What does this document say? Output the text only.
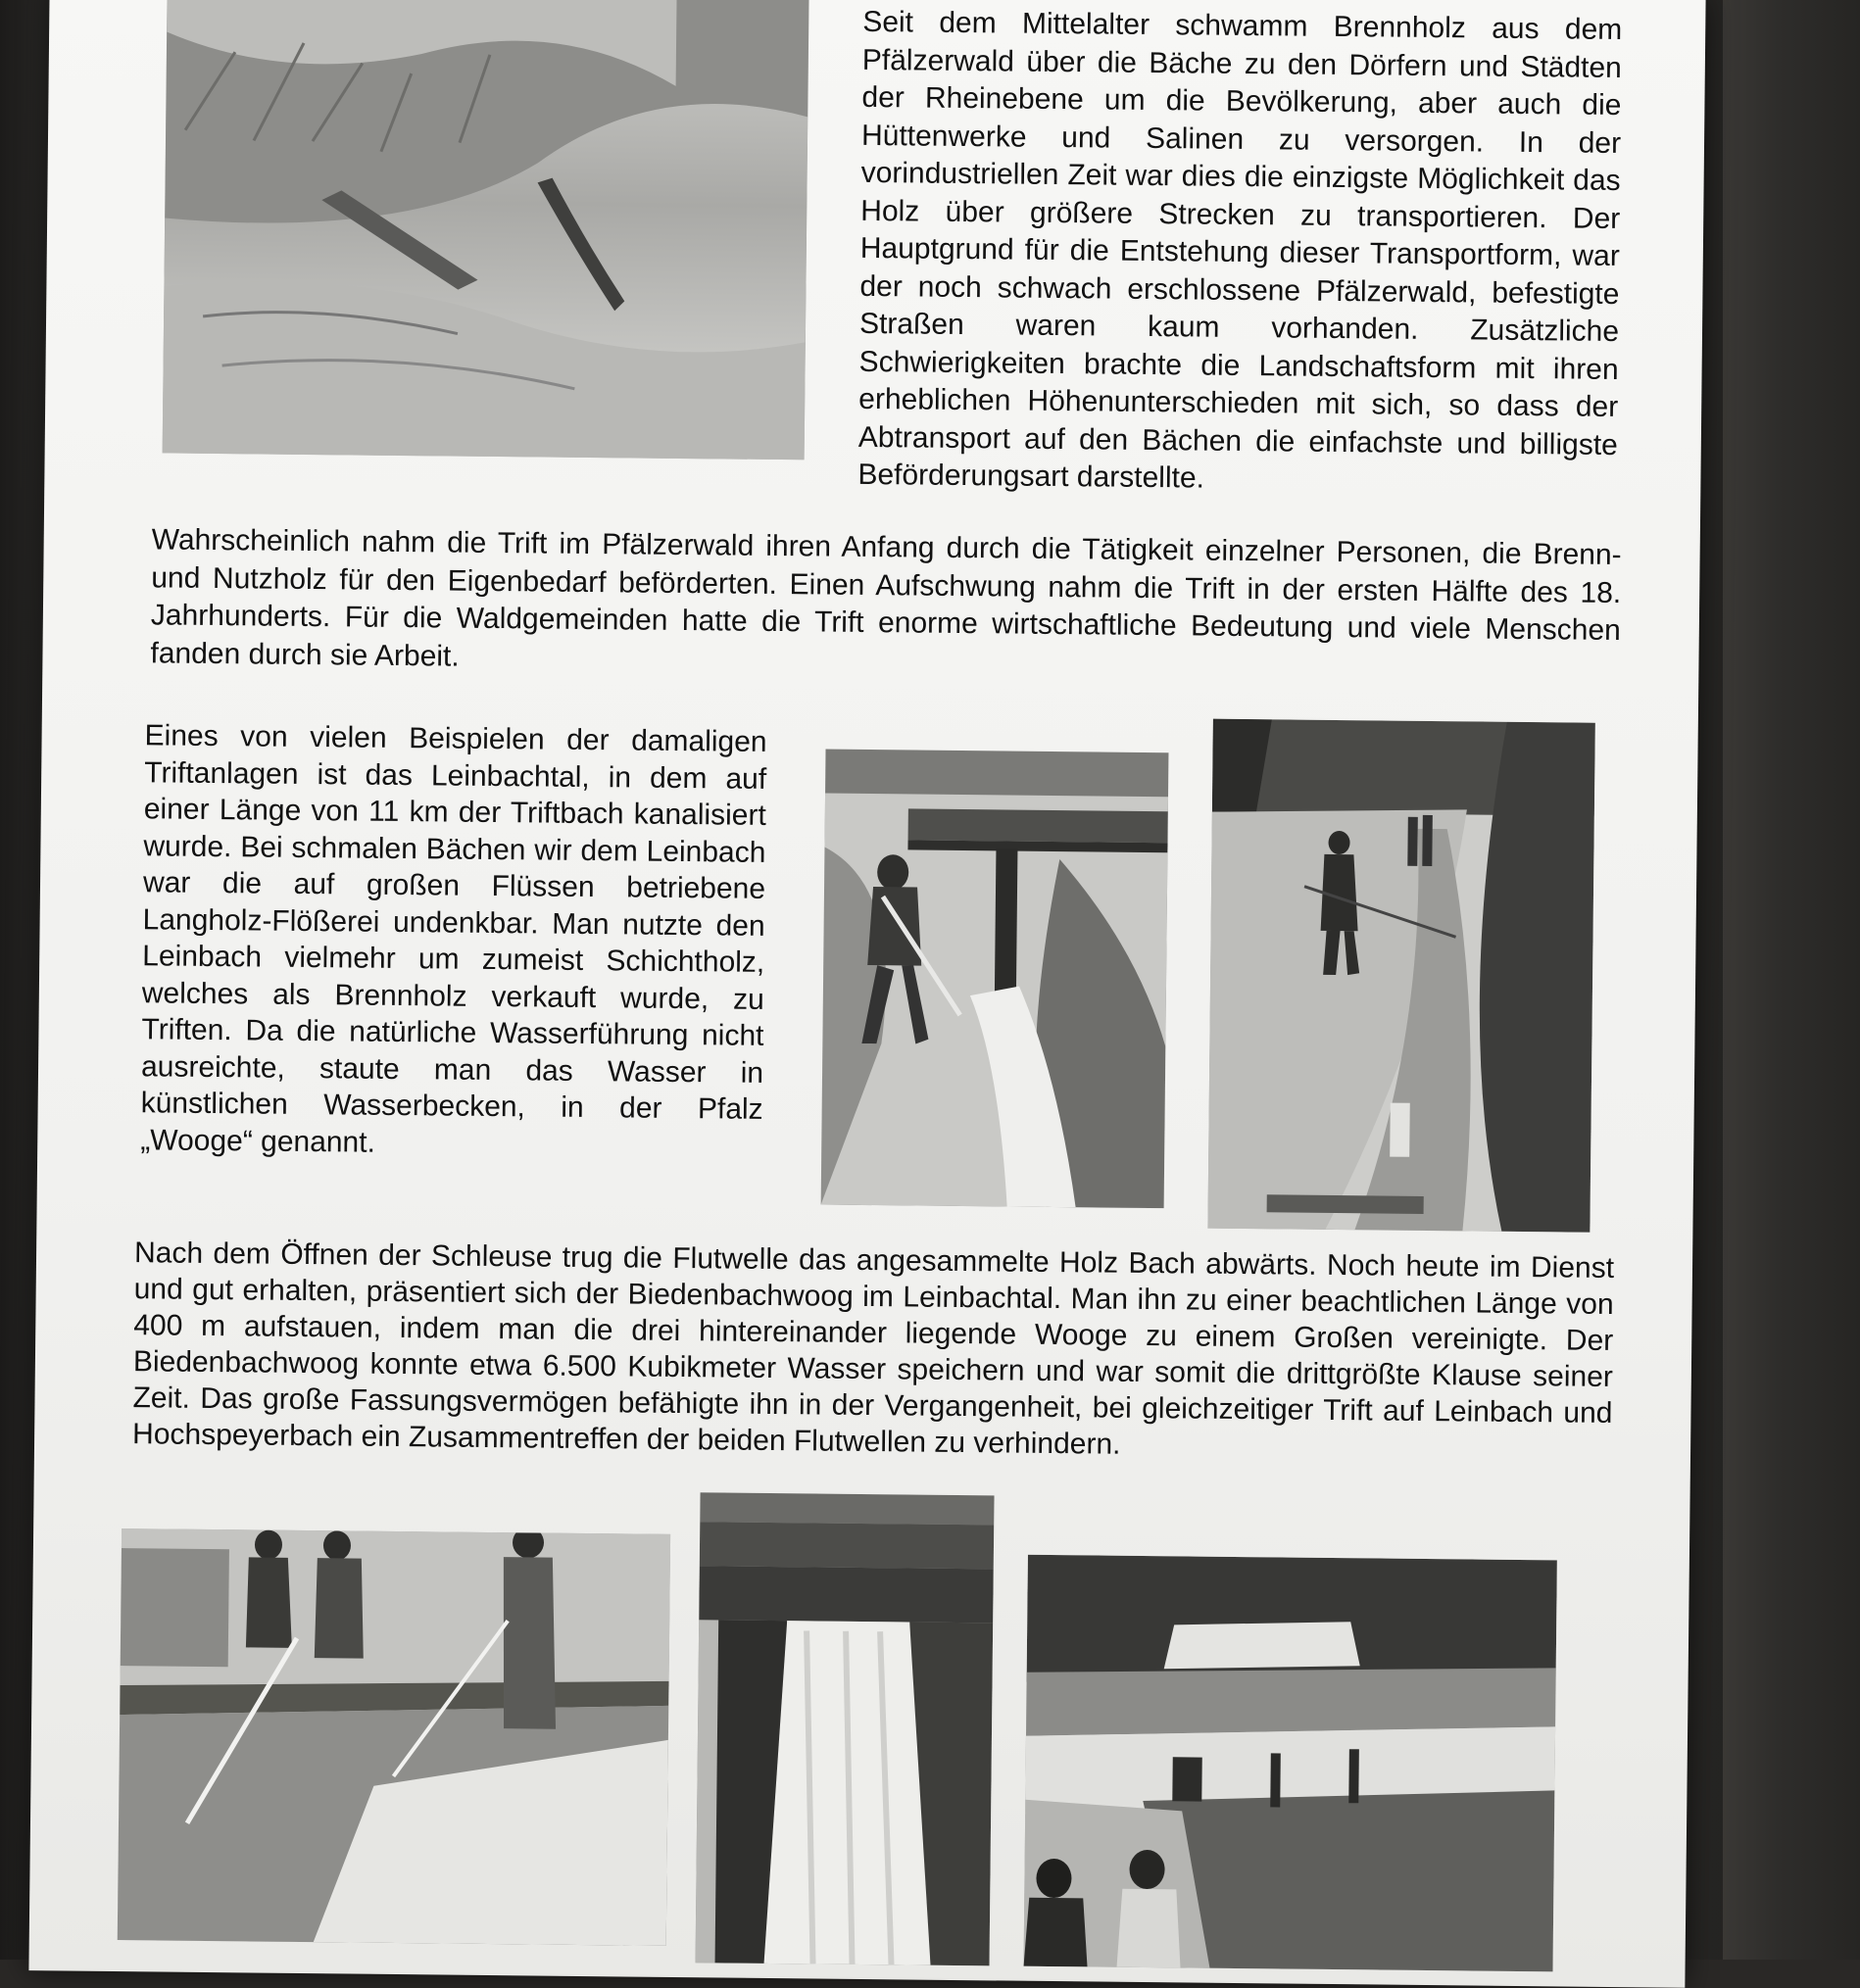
Seit dem Mittelalter schwamm Brennholz aus dem Pfälzerwald über die Bäche zu den Dörfern und Städten der Rheinebene um die Bevölkerung, aber auch die Hüttenwerke und Salinen zu versorgen. In der vorindustriellen Zeit war dies die einzigste Möglichkeit das Holz über größere Strecken zu transportieren. Der Hauptgrund für die Entstehung dieser Transportform, war der noch schwach erschlossene Pfälzerwald, befestigte Straßen waren kaum vorhanden. Zusätzliche Schwierigkeiten brachte die Landschaftsform mit ihren erheblichen Höhenunterschieden mit sich, so dass der Abtransport auf den Bächen die einfachste und billigste Beförderungsart darstellte.

Wahrscheinlich nahm die Trift im Pfälzerwald ihren Anfang durch die Tätigkeit einzelner Personen, die Brenn- und Nutzholz für den Eigenbedarf beförderten. Einen Aufschwung nahm die Trift in der ersten Hälfte des 18. Jahrhunderts. Für die Waldgemeinden hatte die Trift enorme wirtschaftliche Bedeutung und viele Menschen fanden durch sie Arbeit.

Eines von vielen Beispielen der damaligen Triftanlagen ist das Leinbachtal, in dem auf einer Länge von 11 km der Triftbach kanalisiert wurde. Bei schmalen Bächen wir dem Leinbach war die auf großen Flüssen betriebene Langholz-Flößerei undenkbar. Man nutzte den Leinbach vielmehr um zumeist Schichtholz, welches als Brennholz verkauft wurde, zu Triften. Da die natürliche Wasserführung nicht ausreichte, staute man das Wasser in künstlichen Wasserbecken, in der Pfalz „Wooge“ genannt.

Nach dem Öffnen der Schleuse trug die Flutwelle das angesammelte Holz Bach abwärts. Noch heute im Dienst und gut erhalten, präsentiert sich der Biedenbachwoog im Leinbachtal. Man ihn zu einer beachtlichen Länge von 400 m aufstauen, indem man die drei hintereinander liegende Wooge zu einem Großen vereinigte. Der Biedenbachwoog konnte etwa 6.500 Kubikmeter Wasser speichern und war somit die drittgrößte Klause seiner Zeit. Das große Fassungsvermögen befähigte ihn in der Vergangenheit, bei gleichzeitiger Trift auf Leinbach und Hochspeyerbach ein Zusammentreffen der beiden Flutwellen zu verhindern.
